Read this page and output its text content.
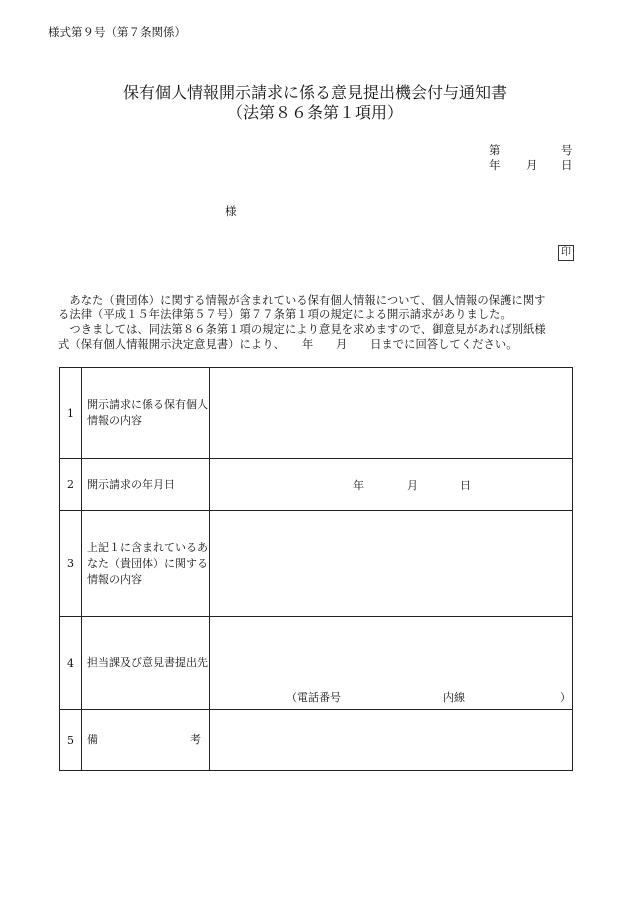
様式第９号（第７条関係）
保有個人情報開示請求に係る意見提出機会付与通知書
（法第８６条第１項用）
第	号
年 月 日
様
印
　あなた（貴団体）に関する情報が含まれている保有個人情報について、個人情報の保護に関す
る法律（平成１５年法律第５７号）第７７条第１項の規定による開示請求がありました。
　つきましては、同法第８６条第１項の規定により意見を求めますので、御意見があれば別紙様
式（保有個人情報開示決定意見書）により、　　年　　月　　日までに回答してください。
1	開示請求に係る保有個人情報の内容	
2	開示請求の年月日	年 月 日

3	上記１に含まれているあなた（貴団体）に関する情報の内容	
4	担当課及び意見書提出先	（電話番号 内線 ）

5	備 考	
